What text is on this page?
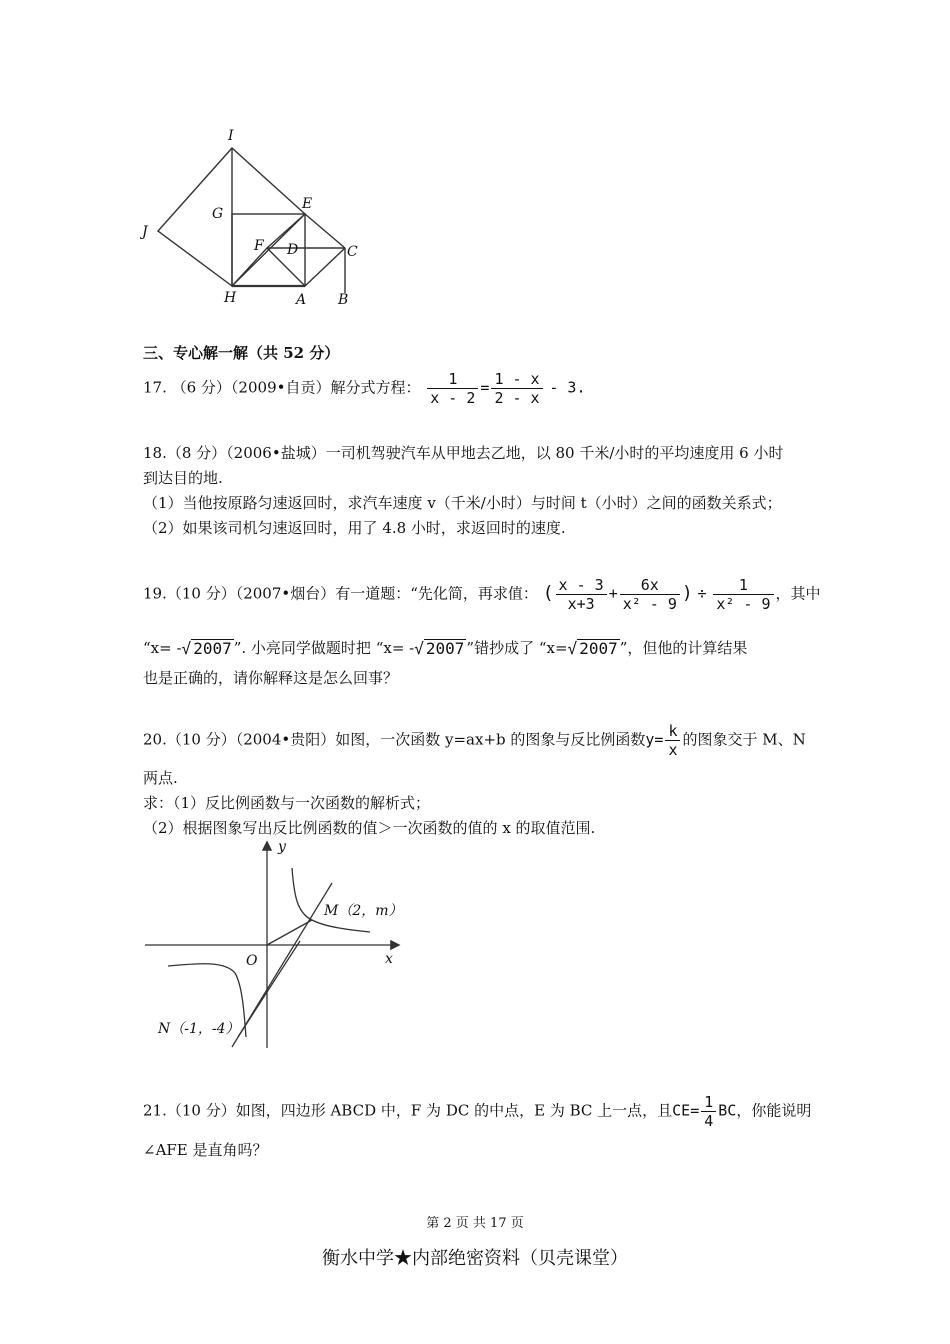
I
G
E
J
F D	C
H	A B
三、专心解一解（共 52 分）
17. （6 分）（2009•自贡）解分式方程： $\frac{1}{x - 2} = \frac{1 - x}{2 - x} - 3$.
18.（8 分）（2006•盐城）一司机驾驶汽车从甲地去乙地，以 80 千米/小时的平均速度用 6 小时
到达目的地.
（1）当他按原路匀速返回时，求汽车速度 v（千米/小时）与时间 t（小时）之间的函数关系式；
（2）如果该司机匀速返回时，用了 4.8 小时，求返回时的速度.
19.（10 分）（2007•烟台）有一道题：“先化简，再求值： ( $\frac{x - 3}{x+3} + \frac{6x}{\text{x² - 9}}$ ) ÷ $\frac{1}{\text{x² - 9}}$ ，其中
“x= -√ 2007 ”. 小亮同学做题时把 “x= -√ 2007 ”错抄成了 “x=√ 2007 ”，但他的计算结果
也是正确的，请你解释这是怎么回事？
20.（10 分）（2004•贵阳）如图，一次函数 y=ax+b 的图象与反比例函数$y= \frac{k}{x}$ 的图象交于 M、N
两点.
求：（1）反比例函数与一次函数的解析式；
（2）根据图象写出反比例函数的值＞一次函数的值的 x 的取值范围.
y
x
O
M（2，m）
N（-1，-4）
21.（10 分）如图，四边形 ABCD 中，F 为 DC 的中点，E 为 BC 上一点，且$CE= \frac{1}{4}$ BC，你能说明
∠AFE 是直角吗？
第 2 页 共 17 页
衡水中学★内部绝密资料（贝壳课堂）
